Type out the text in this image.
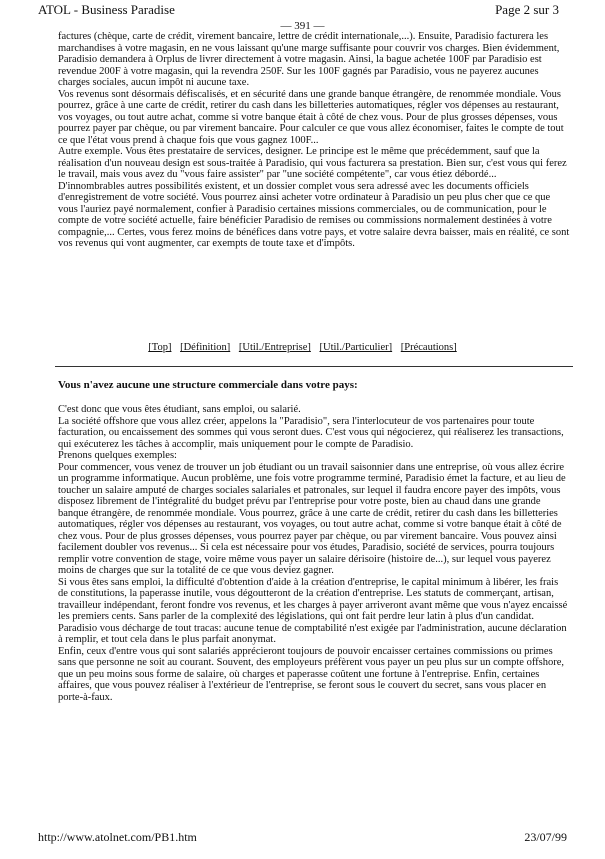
ATOL - Business Paradise	Page 2 sur 3
— 391 —

factures (chèque, carte de crédit, virement bancaire, lettre de crédit internationale,...). Ensuite, Paradisio facturera les marchandises à votre magasin, en ne vous laissant qu'une marge suffisante pour couvrir vos charges. Bien évidemment, Paradisio demandera à Orplus de livrer directement à votre magasin. Ainsi, la bague achetée 100F par Paradisio est revendue 200F à votre magasin, qui la revendra 250F. Sur les 100F gagnés par Paradisio, vous ne payerez aucunes charges sociales, aucun impôt ni aucune taxe.

Vos revenus sont désormais défiscalisés, et en sécurité dans une grande banque étrangère, de renommée mondiale. Vous pourrez, grâce à une carte de crédit, retirer du cash dans les billetteries automatiques, régler vos dépenses au restaurant, vos voyages, ou tout autre achat, comme si votre banque était à côté de chez vous. Pour de plus grosses dépenses, vous pourrez payer par chèque, ou par virement bancaire. Pour calculer ce que vous allez économiser, faites le compte de tout ce que l'état vous prend à chaque fois que vous gagnez 100F...

Autre exemple. Vous êtes prestataire de services, designer. Le principe est le même que précédemment, sauf que la réalisation d'un nouveau design est sous-traitée à Paradisio, qui vous facturera sa prestation. Bien sur, c'est vous qui ferez le travail, mais vous avez du "vous faire assister" par "une société compétente", car vous étiez débordé...

D'innombrables autres possibilités existent, et un dossier complet vous sera adressé avec les documents officiels d'enregistrement de votre société. Vous pourrez ainsi acheter votre ordinateur à Paradisio un peu plus cher que ce que vous l'auriez payé normalement, confier à Paradisio certaines missions commerciales, ou de communication, pour le compte de votre société actuelle, faire bénéficier Paradisio de remises ou commissions normalement destinées à votre compagnie,... Certes, vous ferez moins de bénéfices dans votre pays, et votre salaire devra baisser, mais en réalité, ce sont vos revenus qui vont augmenter, car exempts de toute taxe et d'impôts.

[Top] [Définition] [Util./Entreprise] [Util./Particulier] [Précautions]
Vous n'avez aucune une structure commerciale dans votre pays:

C'est donc que vous êtes étudiant, sans emploi, ou salarié.

La société offshore que vous allez créer, appelons la "Paradisio", sera l'interlocuteur de vos partenaires pour toute facturation, ou encaissement des sommes qui vous seront dues. C'est vous qui négocierez, qui réaliserez les transactions, qui exécuterez les tâches à accomplir, mais uniquement pour le compte de Paradisio.

Prenons quelques exemples:

Pour commencer, vous venez de trouver un job étudiant ou un travail saisonnier dans une entreprise, où vous allez écrire un programme informatique. Aucun problème, une fois votre programme terminé, Paradisio émet la facture, et au lieu de toucher un salaire amputé de charges sociales salariales et patronales, sur lequel il faudra encore payer des impôts, vous disposez librement de l'intégralité du budget prévu par l'entreprise pour votre poste, bien au chaud dans une grande banque étrangère, de renommée mondiale. Vous pourrez, grâce à une carte de crédit, retirer du cash dans les billetteries automatiques, régler vos dépenses au restaurant, vos voyages, ou tout autre achat, comme si votre banque était à côté de chez vous. Pour de plus grosses dépenses, vous pourrez payer par chèque, ou par virement bancaire. Vous pouvez ainsi facilement doubler vos revenus... Si cela est nécessaire pour vos études, Paradisio, société de services, pourra toujours remplir votre convention de stage, voire même vous payer un salaire dérisoire (histoire de...), sur lequel vous payerez moins de charges que sur la totalité de ce que vous deviez gagner.

Si vous êtes sans emploi, la difficulté d'obtention d'aide à la création d'entreprise, le capital minimum à libérer, les frais de constitutions, la paperasse inutile, vous dégoutteront de la création d'entreprise. Les statuts de commerçant, artisan, travailleur indépendant, feront fondre vos revenus, et les charges à payer arriveront avant même que vous n'ayez encaissé les premiers cents. Sans parler de la complexité des législations, qui ont fait perdre leur latin à plus d'un candidat.

Paradisio vous décharge de tout tracas: aucune tenue de comptabilité n'est exigée par l'administration, aucune déclaration à remplir, et tout cela dans le plus parfait anonymat.

Enfin, ceux d'entre vous qui sont salariés apprécieront toujours de pouvoir encaisser certaines commissions ou primes sans que personne ne soit au courant. Souvent, des employeurs préfèrent vous payer un peu plus sur un compte offshore, que un peu moins sous forme de salaire, où charges et paperasse coûtent une fortune à l'entreprise. Enfin, certaines affaires, que vous pouvez réaliser à l'extérieur de l'entreprise, se feront sous le couvert du secret, sans vous placer en porte-à-faux.

http://www.atolnet.com/PB1.htm	23/07/99
